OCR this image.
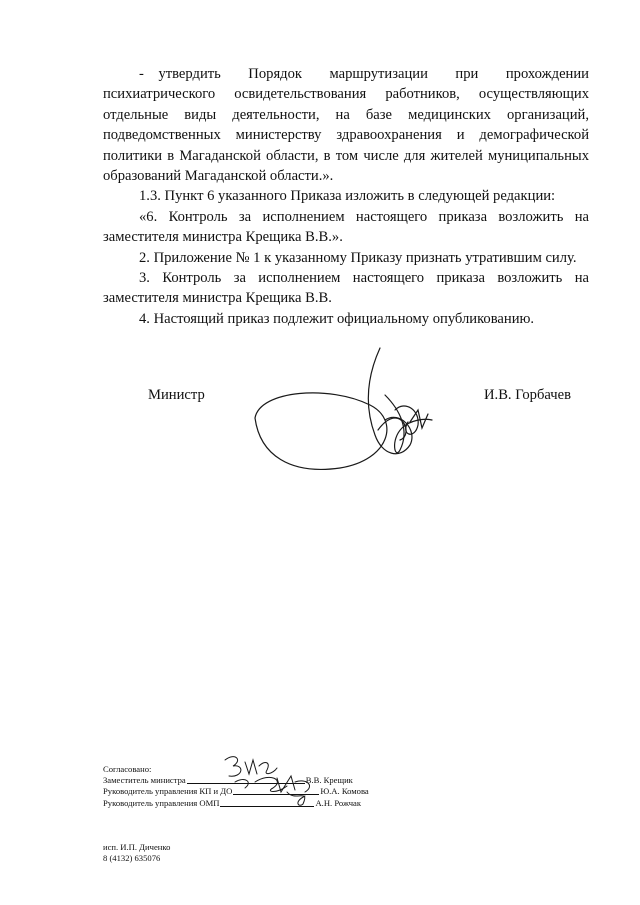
- утвердить Порядок маршрутизации при прохождении психиатрического освидетельствования работников, осуществляющих отдельные виды деятельности, на базе медицинских организаций, подведомственных министерству здравоохранения и демографической политики в Магаданской области, в том числе для жителей муниципальных образований Магаданской области.».

1.3. Пункт 6 указанного Приказа изложить в следующей редакции:

«6. Контроль за исполнением настоящего приказа возложить на заместителя министра Крещика В.В.».

2. Приложение № 1 к указанному Приказу признать утратившим силу.

3. Контроль за исполнением настоящего приказа возложить на заместителя министра Крещика В.В.

4. Настоящий приказ подлежит официальному опубликованию.

Министр	И.В. Горбачев
Согласовано:
Заместитель министра	В.В. Крещик
Руководитель управления КП и ДО	Ю.А. Комова
Руководитель управления ОМП	А.Н. Рожчак
исп. И.П. Диченко
8 (4132) 635076
